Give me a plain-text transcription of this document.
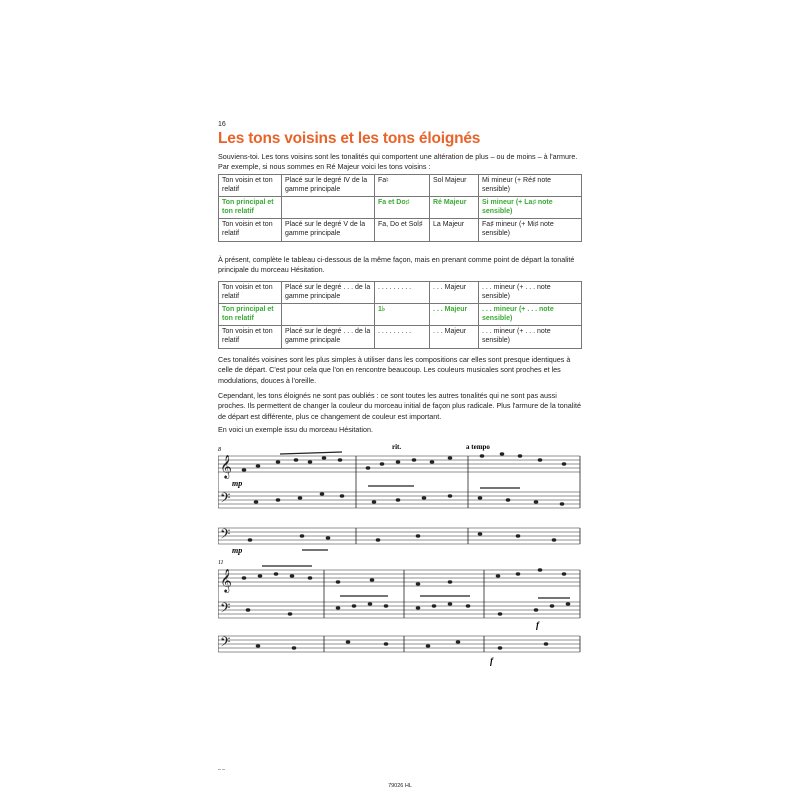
16
Les tons voisins et les tons éloignés

Souviens-toi. Les tons voisins sont les tonalités qui comportent une altération de plus – ou de moins – à l'armure. Par exemple, si nous sommes en Ré Majeur voici les tons voisins :

Ton voisin et ton relatif	Placé sur le degré IV de la gamme principale	Fa♮	Sol Majeur	Mi mineur (+ Ré♯ note sensible)
Ton principal et ton relatif		Fa et Do♯	Ré Majeur	Si mineur (+ La♯ note sensible)
Ton voisin et ton relatif	Placé sur le degré V de la gamme principale	Fa, Do et Sol♯	La Majeur	Fa♯ mineur (+ Mi♯ note sensible)

À présent, complète le tableau ci-dessous de la même façon, mais en prenant comme point de départ la tonalité principale du morceau Hésitation.

Ton voisin et ton relatif	Placé sur le degré . . . de la gamme principale	. . . . . . . . .	. . . Majeur	. . . mineur (+ . . . note sensible)
Ton principal et ton relatif		1♭	. . . Majeur	. . . mineur (+ . . . note sensible)
Ton voisin et ton relatif	Placé sur le degré . . . de la gamme principale	. . . . . . . . .	. . . Majeur	. . . mineur (+ . . . note sensible)

Ces tonalités voisines sont les plus simples à utiliser dans les compositions car elles sont presque identiques à celle de départ. C'est pour cela que l'on en rencontre beaucoup. Les couleurs musicales sont proches et les modulations, douces à l'oreille.

Cependant, les tons éloignés ne sont pas oubliés : ce sont toutes les autres tonalités qui ne sont pas aussi proches. Ils permettent de changer la couleur du morceau initial de façon plus radicale. Plus l'armure de la tonalité de départ est différente, plus ce changement de couleur est important.

En voici un exemple issu du morceau Hésitation.

8	rit.	a tempo
𝄞
𝄢
𝄢
mp
mp
11
𝄞
𝄢
𝄢
f
f
– –
79026 HL
